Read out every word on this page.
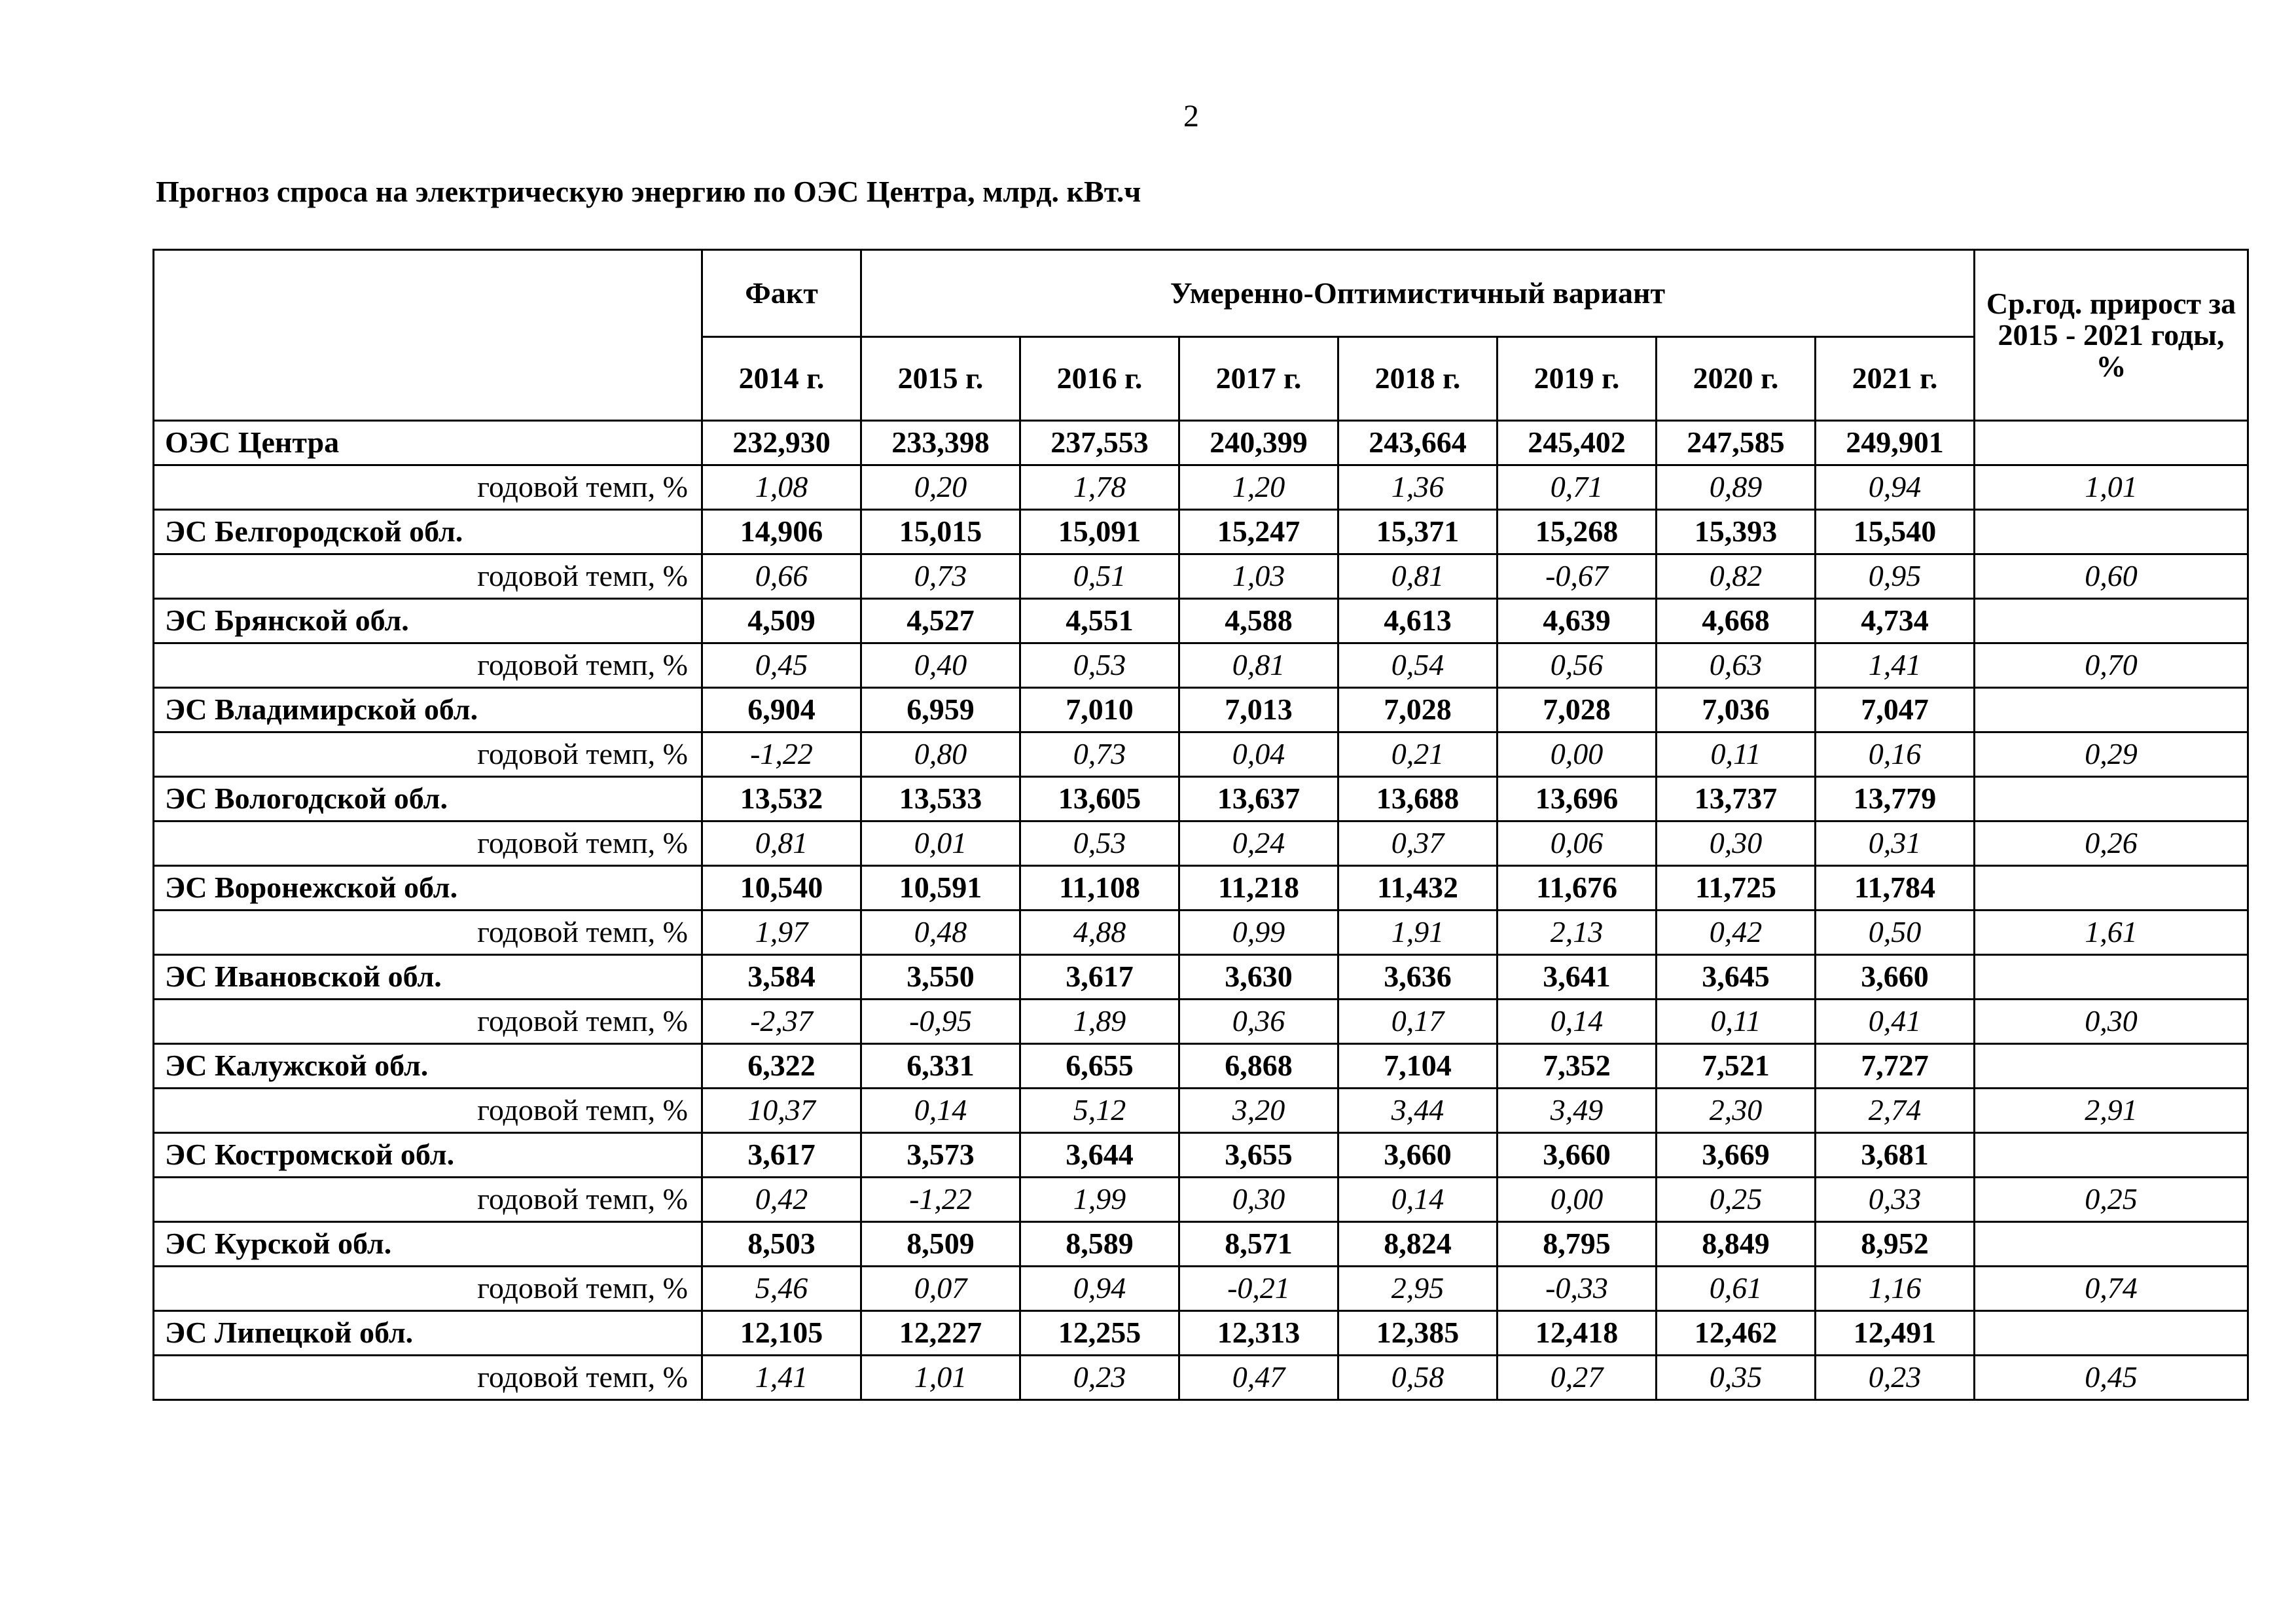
2
Прогноз спроса на электрическую энергию по ОЭС Центра, млрд. кВт.ч
	Факт	Умеренно-Оптимистичный вариант							Ср.год. прирост за 2015 - 2021 годы, %
	2014 г.	2015 г.	2016 г.	2017 г.	2018 г.	2019 г.	2020 г.	2021 г.	
ОЭС Центра	232,930	233,398	237,553	240,399	243,664	245,402	247,585	249,901	
годовой темп, %	1,08	0,20	1,78	1,20	1,36	0,71	0,89	0,94	1,01
ЭС Белгородской обл.	14,906	15,015	15,091	15,247	15,371	15,268	15,393	15,540	
годовой темп, %	0,66	0,73	0,51	1,03	0,81	-0,67	0,82	0,95	0,60
ЭС Брянской обл.	4,509	4,527	4,551	4,588	4,613	4,639	4,668	4,734	
годовой темп, %	0,45	0,40	0,53	0,81	0,54	0,56	0,63	1,41	0,70
ЭС Владимирской обл.	6,904	6,959	7,010	7,013	7,028	7,028	7,036	7,047	
годовой темп, %	-1,22	0,80	0,73	0,04	0,21	0,00	0,11	0,16	0,29
ЭС Вологодской обл.	13,532	13,533	13,605	13,637	13,688	13,696	13,737	13,779	
годовой темп, %	0,81	0,01	0,53	0,24	0,37	0,06	0,30	0,31	0,26
ЭС Воронежской обл.	10,540	10,591	11,108	11,218	11,432	11,676	11,725	11,784	
годовой темп, %	1,97	0,48	4,88	0,99	1,91	2,13	0,42	0,50	1,61
ЭС Ивановской обл.	3,584	3,550	3,617	3,630	3,636	3,641	3,645	3,660	
годовой темп, %	-2,37	-0,95	1,89	0,36	0,17	0,14	0,11	0,41	0,30
ЭС Калужской обл.	6,322	6,331	6,655	6,868	7,104	7,352	7,521	7,727	
годовой темп, %	10,37	0,14	5,12	3,20	3,44	3,49	2,30	2,74	2,91
ЭС Костромской обл.	3,617	3,573	3,644	3,655	3,660	3,660	3,669	3,681	
годовой темп, %	0,42	-1,22	1,99	0,30	0,14	0,00	0,25	0,33	0,25
ЭС Курской обл.	8,503	8,509	8,589	8,571	8,824	8,795	8,849	8,952	
годовой темп, %	5,46	0,07	0,94	-0,21	2,95	-0,33	0,61	1,16	0,74
ЭС Липецкой обл.	12,105	12,227	12,255	12,313	12,385	12,418	12,462	12,491	
годовой темп, %	1,41	1,01	0,23	0,47	0,58	0,27	0,35	0,23	0,45
